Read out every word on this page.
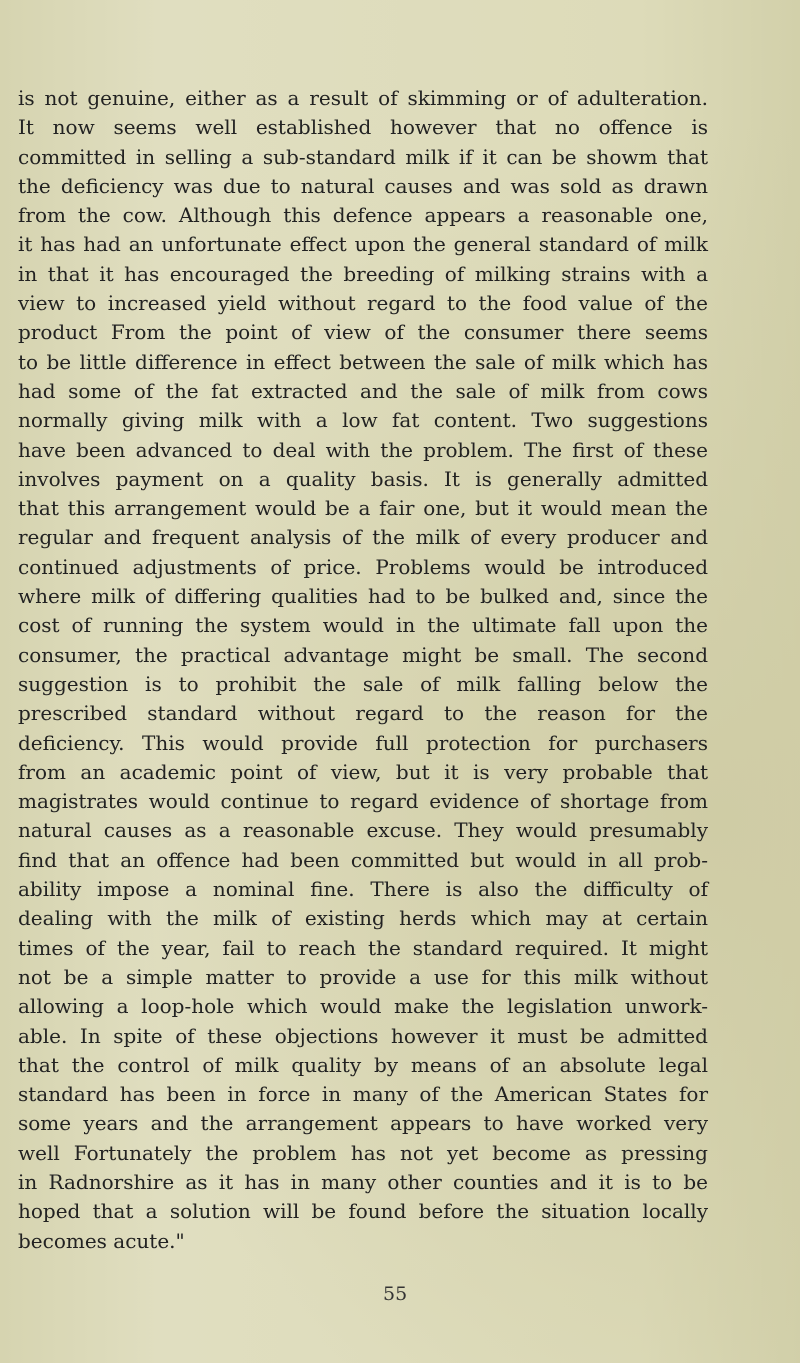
is not genuine, either as a result of skimming or of adulteration.
It now seems well established however that no offence is
committed in selling a sub-standard milk if it can be showm that
the deficiency was due to natural causes and was sold as drawn
from the cow. Although this defence appears a reasonable one,
it has had an unfortunate effect upon the general standard of milk
in that it has encouraged the breeding of milking strains with a
view to increased yield without regard to the food value of the
product From the point of view of the consumer there seems
to be little difference in effect between the sale of milk which has
had some of the fat extracted and the sale of milk from cows
normally giving milk with a low fat content. Two suggestions
have been advanced to deal with the problem. The first of these
involves payment on a quality basis. It is generally admitted
that this arrangement would be a fair one, but it would mean the
regular and frequent analysis of the milk of every producer and
continued adjustments of price. Problems would be introduced
where milk of differing qualities had to be bulked and, since the
cost of running the system would in the ultimate fall upon the
consumer, the practical advantage might be small. The second
suggestion is to prohibit the sale of milk falling below the
prescribed standard without regard to the reason for the
deficiency. This would provide full protection for purchasers
from an academic point of view, but it is very probable that
magistrates would continue to regard evidence of shortage from
natural causes as a reasonable excuse. They would presumably
find that an offence had been committed but would in all prob-
ability impose a nominal fine. There is also the difficulty of
dealing with the milk of existing herds which may at certain
times of the year, fail to reach the standard required. It might
not be a simple matter to provide a use for this milk without
allowing a loop-hole which would make the legislation unwork-
able. In spite of these objections however it must be admitted
that the control of milk quality by means of an absolute legal
standard has been in force in many of the American States for
some years and the arrangement appears to have worked very
well Fortunately the problem has not yet become as pressing
in Radnorshire as it has in many other counties and it is to be
hoped that a solution will be found before the situation locally
becomes acute."
55
